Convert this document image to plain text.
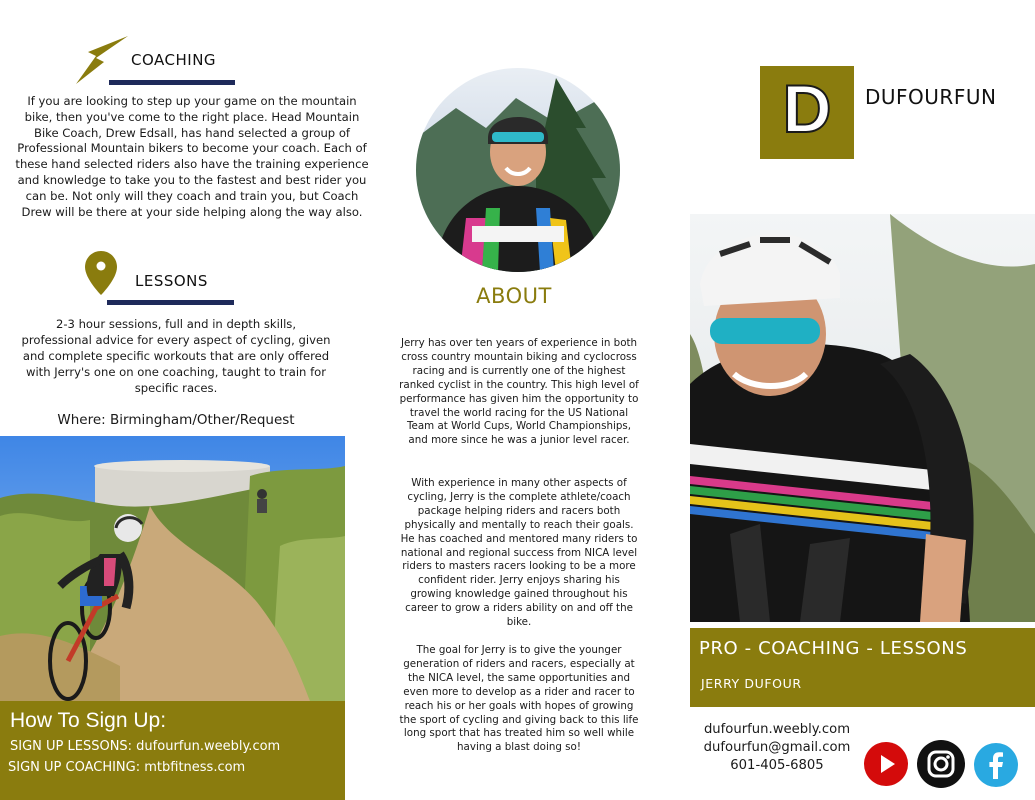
COACHING
If you are looking to step up your game on the mountain bike, then you've come to the right place. Head Mountain Bike Coach, Drew Edsall, has hand selected a group of Professional Mountain bikers to become your coach. Each of these hand selected riders also have the training experience and knowledge to take you to the fastest and best rider you can be. Not only will they coach and train you, but Coach Drew will be there at your side helping along the way also.
LESSONS
2-3 hour sessions, full and in depth skills, professional advice for every aspect of cycling, given and complete specific workouts that are only offered with Jerry's one on one coaching, taught to train for specific races.
Where: Birmingham/Other/Request
How To Sign Up:
SIGN UP LESSONS: dufourfun.weebly.com
SIGN UP COACHING: mtbfitness.com
ABOUT
Jerry has over ten years of experience in both cross country mountain biking and cyclocross racing and is currently one of the highest ranked cyclist in the country. This high level of performance has given him the opportunity to travel the world racing for the US National Team at World Cups, World Championships, and more since he was a junior level racer.
With experience in many other aspects of cycling, Jerry is the complete athlete/coach package helping riders and racers both physically and mentally to reach their goals. He has coached and mentored many riders to national and regional success from NICA level riders to masters racers looking to be a more confident rider. Jerry enjoys sharing his growing knowledge gained throughout his career to grow a riders ability on and off the bike.
The goal for Jerry is to give the younger generation of riders and racers, especially at the NICA level, the same opportunities and even more to develop as a rider and racer to reach his or her goals with hopes of growing the sport of cycling and giving back to this life long sport that has treated him so well while having a blast doing so!
D	DUFOURFUN
PRO - COACHING - LESSONS
JERRY DUFOUR
dufourfun.weebly.com
dufourfun@gmail.com
601-405-6805
